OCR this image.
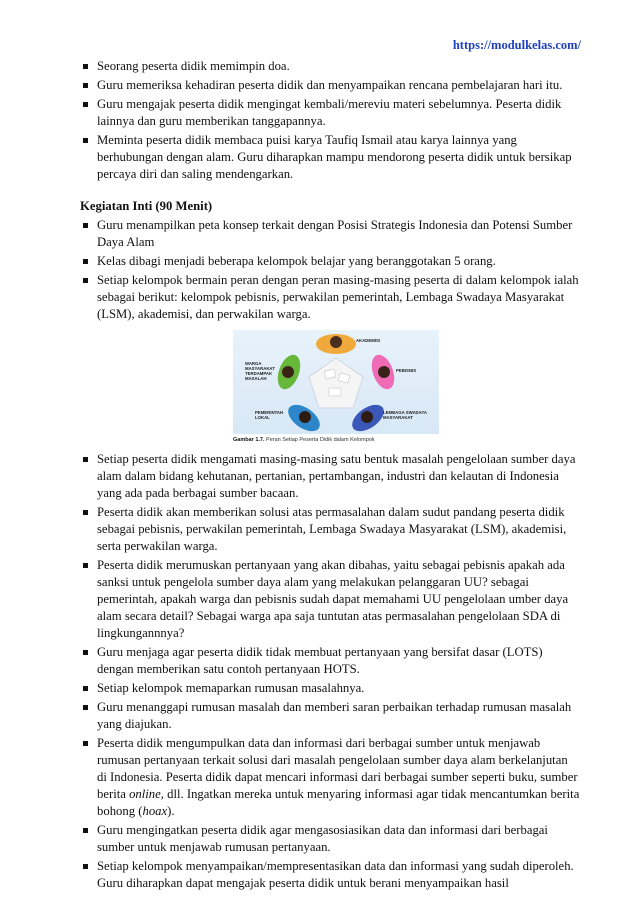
https://modulkelas.com/
Seorang peserta didik memimpin doa.
Guru memeriksa kehadiran peserta didik dan menyampaikan rencana pembelajaran hari itu.
Guru mengajak peserta didik mengingat kembali/mereviu materi sebelumnya. Peserta didik lainnya dan guru memberikan tanggapannya.
Meminta peserta didik membaca puisi karya Taufiq Ismail atau karya lainnya yang berhubungan dengan alam. Guru diharapkan mampu mendorong peserta didik untuk bersikap percaya diri dan saling mendengarkan.
Kegiatan Inti (90 Menit)
Guru menampilkan peta konsep terkait dengan Posisi Strategis Indonesia dan Potensi Sumber Daya Alam
Kelas dibagi menjadi beberapa kelompok belajar yang beranggotakan 5 orang.
Setiap kelompok bermain peran dengan peran masing-masing peserta di dalam kelompok ialah sebagai berikut: kelompok pebisnis, perwakilan pemerintah, Lembaga Swadaya Masyarakat (LSM), akademisi, dan perwakilan warga.
AKADEMISI
WARGA MASYARAKAT TERDAMPAK MASALAH
PEBISNIS
PEMERINTAH LOKAL
LEMBAGA SWADAYA MASYARAKAT
Gambar 1.7. Peran Setiap Peserta Didik dalam Kelompok
Setiap peserta didik mengamati masing-masing satu bentuk masalah pengelolaan sumber daya alam dalam bidang kehutanan, pertanian, pertambangan, industri dan kelautan di Indonesia yang ada pada berbagai sumber bacaan.
Peserta didik akan memberikan solusi atas permasalahan dalam sudut pandang peserta didik sebagai pebisnis, perwakilan pemerintah, Lembaga Swadaya Masyarakat (LSM), akademisi, serta perwakilan warga.
Peserta didik merumuskan pertanyaan yang akan dibahas, yaitu sebagai pebisnis apakah ada sanksi untuk pengelola sumber daya alam yang melakukan pelanggaran UU? sebagai pemerintah, apakah warga dan pebisnis sudah dapat memahami UU pengelolaan umber daya alam secara detail? Sebagai warga apa saja tuntutan atas permasalahan pengelolaan SDA di lingkungannnya?
Guru menjaga agar peserta didik tidak membuat pertanyaan yang bersifat dasar (LOTS) dengan memberikan satu contoh pertanyaan HOTS.
Setiap kelompok memaparkan rumusan masalahnya.
Guru menanggapi rumusan masalah dan memberi saran perbaikan terhadap rumusan masalah yang diajukan.
Peserta didik mengumpulkan data dan informasi dari berbagai sumber untuk menjawab rumusan pertanyaan terkait solusi dari masalah pengelolaan sumber daya alam berkelanjutan di Indonesia. Peserta didik dapat mencari informasi dari berbagai sumber seperti buku, sumber berita online, dll. Ingatkan mereka untuk menyaring informasi agar tidak mencantumkan berita bohong (hoax).
Guru mengingatkan peserta didik agar mengasosiasikan data dan informasi dari berbagai sumber untuk menjawab rumusan pertanyaan.
Setiap kelompok menyampaikan/mempresentasikan data dan informasi yang sudah diperoleh. Guru diharapkan dapat mengajak peserta didik untuk berani menyampaikan hasil
